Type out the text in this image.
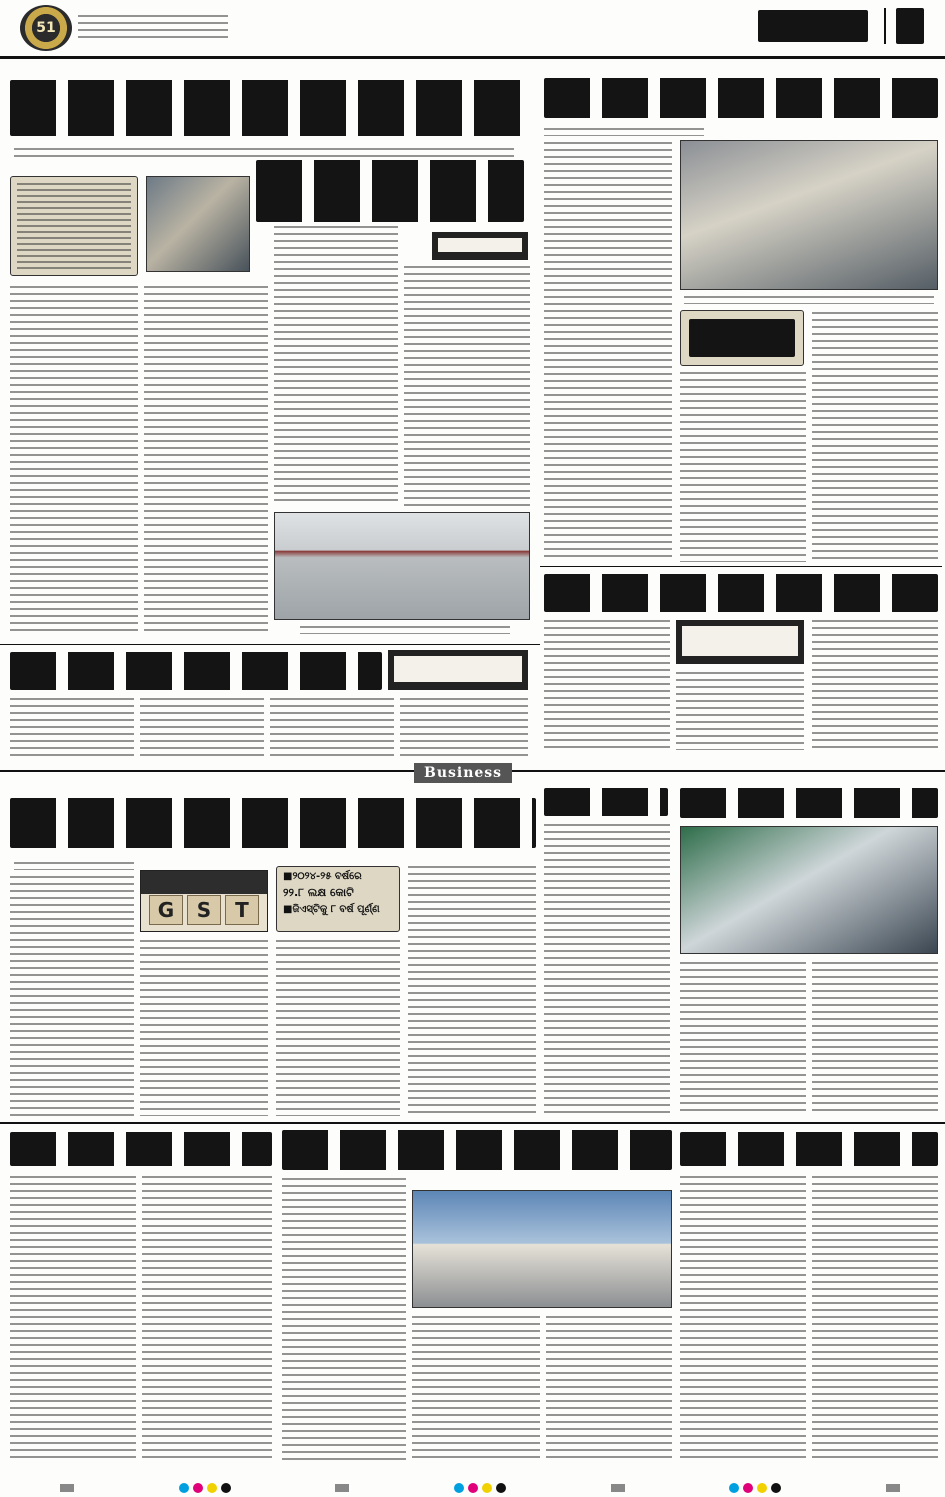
51
Business
G	S	T
■୨୦୨୪-୨୫ ବର୍ଷରେ
୨୨.୮ ଲକ୍ଷ କୋଟି
■ଜିଏସ୍‌ଟିକୁ ୮ ବର୍ଷ ପୂର୍ଣ୍ଣ
